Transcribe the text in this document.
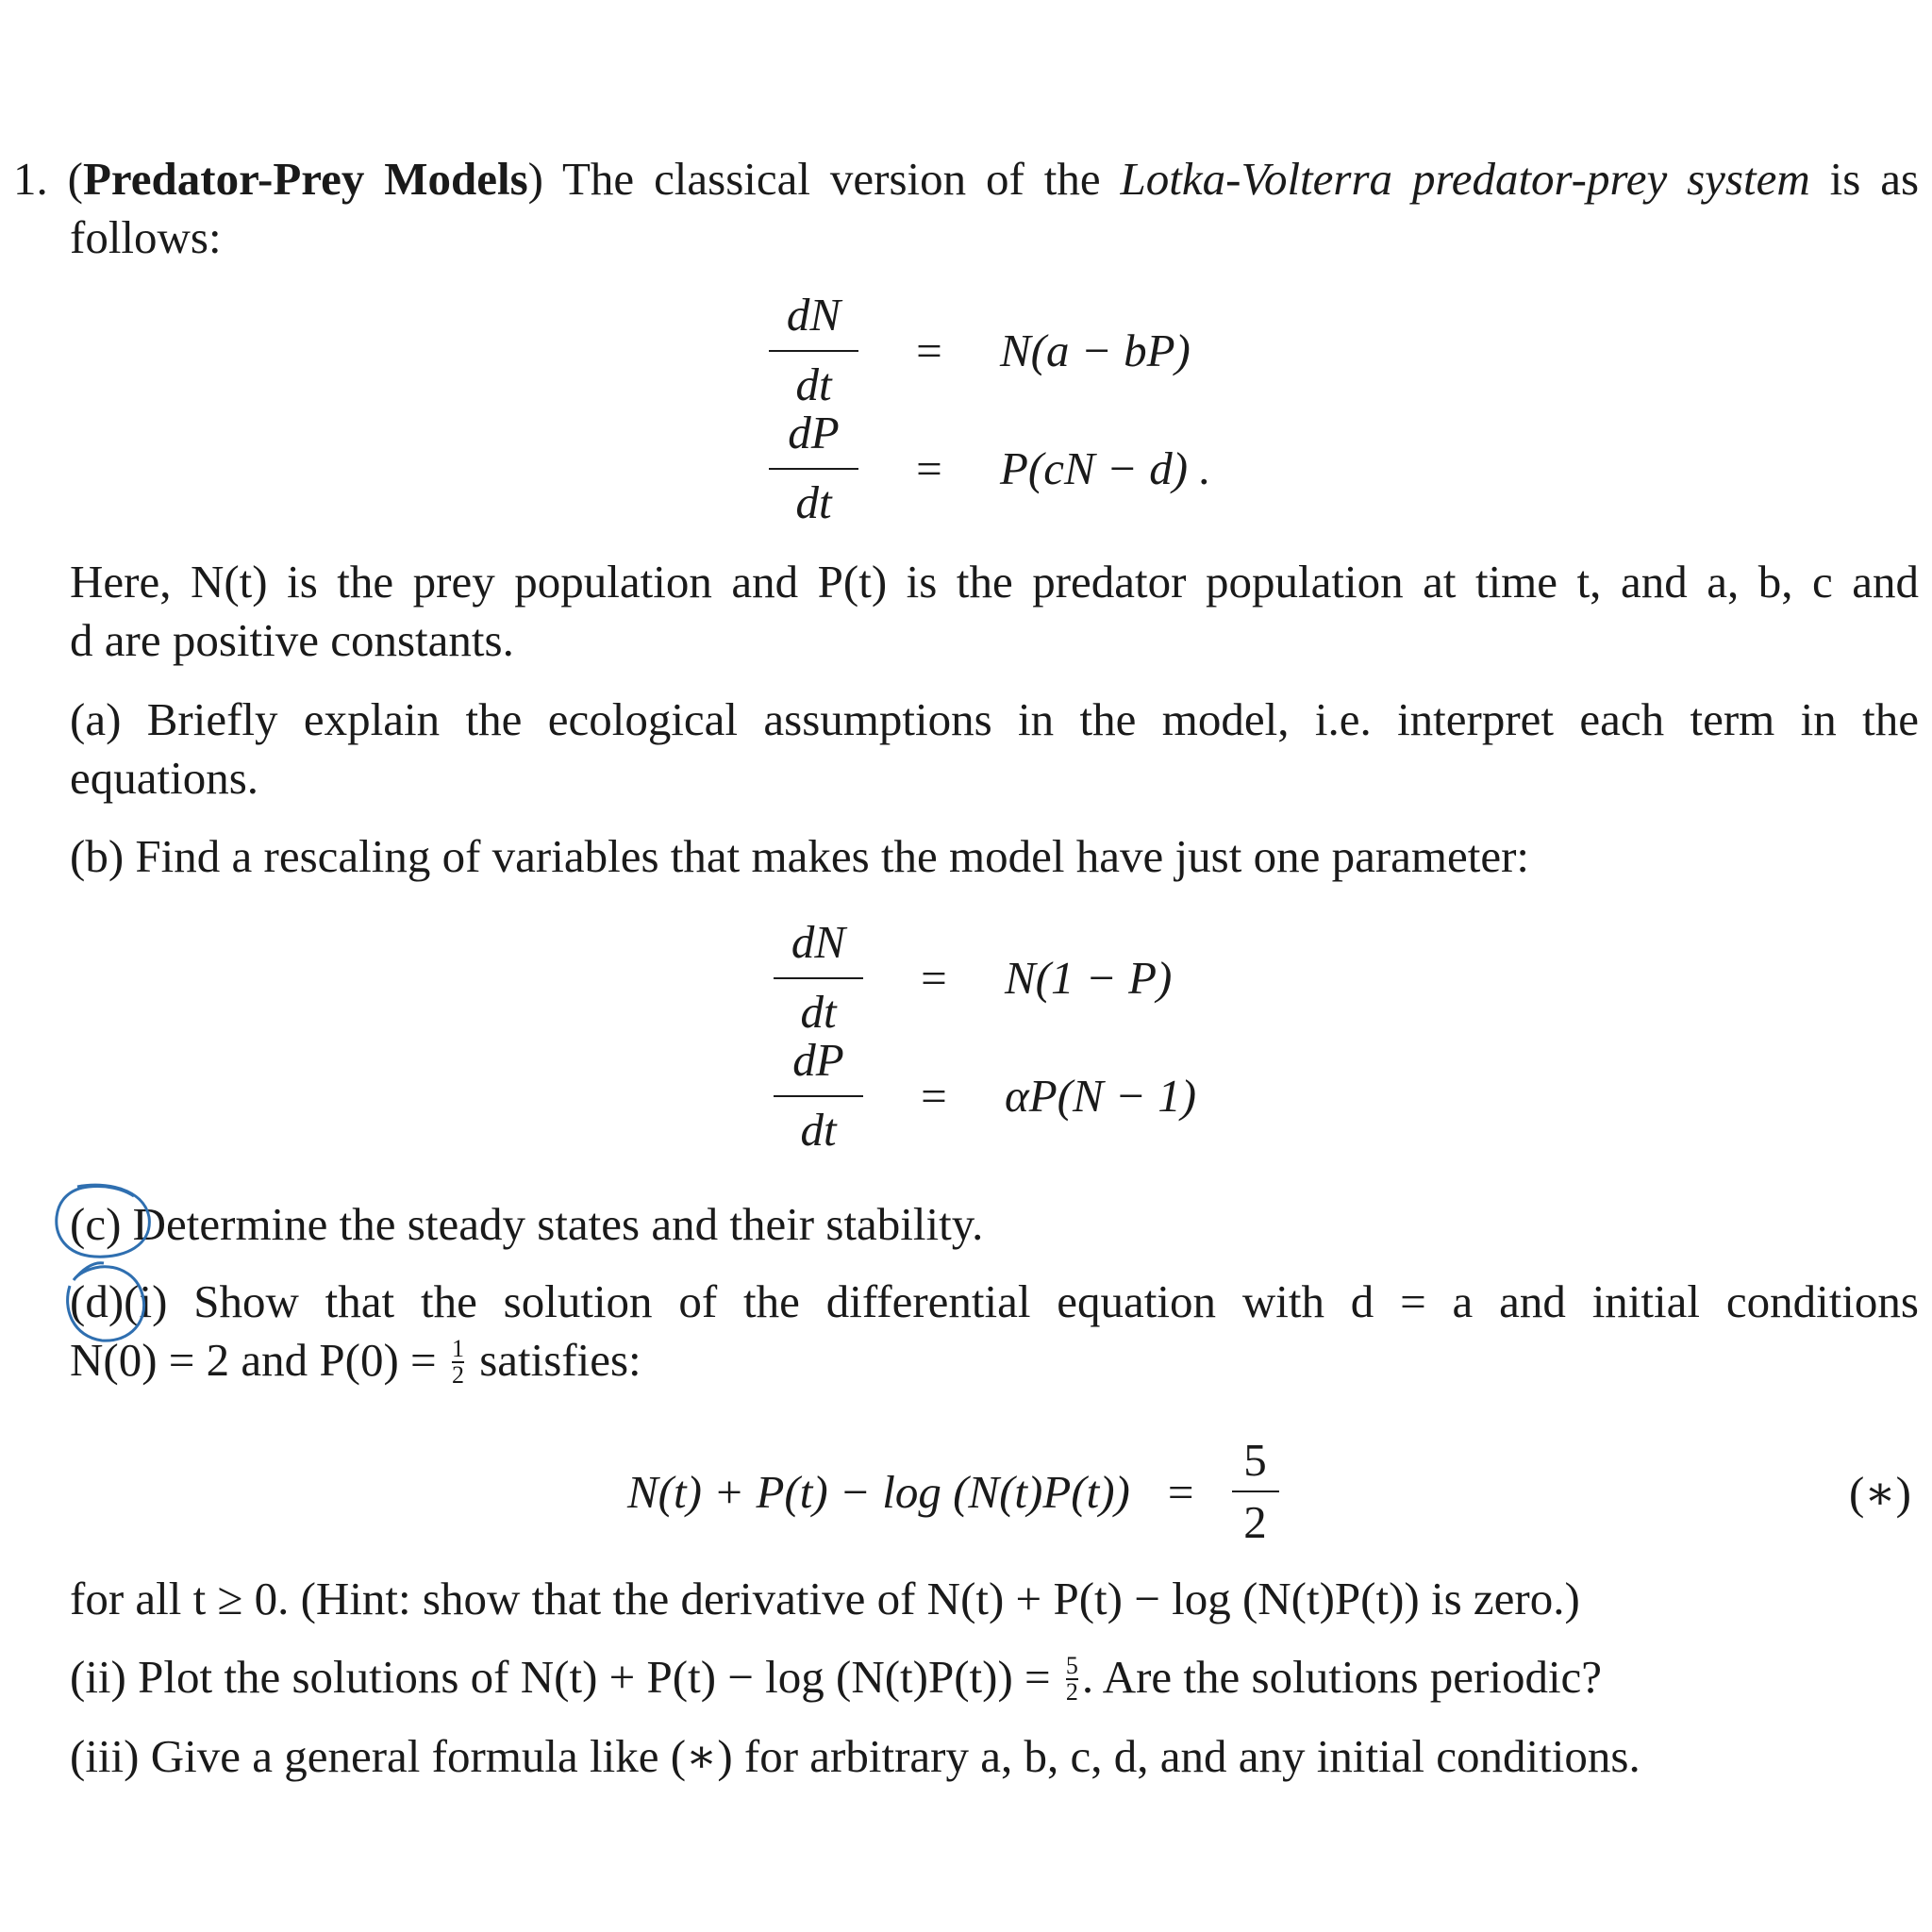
1. (Predator-Prey Models) The classical version of the Lotka-Volterra predator-prey system is as
follows:
$\frac{dN}{dt}$	=	N(a − bP)
$\frac{dP}{dt}$	=	P(cN − d) .
Here, N(t) is the prey population and P(t) is the predator population at time t, and a, b, c and
d are positive constants.
(a) Briefly explain the ecological assumptions in the model, i.e. interpret each term in the
equations.
(b) Find a rescaling of variables that makes the model have just one parameter:
$\frac{dN}{dt}$	=	N(1 − P)
$\frac{dP}{dt}$	=	αP(N − 1)
(c) Determine the steady states and their stability.
(d)(i) Show that the solution of the differential equation with d = a and initial conditions
N(0) = 2 and $P(0) = \frac{1}{2}$ satisfies:
$N(t) + P(t) - \log (N(t)P(t)) = \frac{5}{2}$	(∗)
for all t ≥ 0. (Hint: show that the derivative of N(t) + P(t) − log (N(t)P(t)) is zero.)
(ii) Plot the solutions of $N(t) + P(t) - \log (N(t)P(t)) = \frac{5}{2}$ . Are the solutions periodic?
(iii) Give a general formula like (∗) for arbitrary a, b, c, d, and any initial conditions.
